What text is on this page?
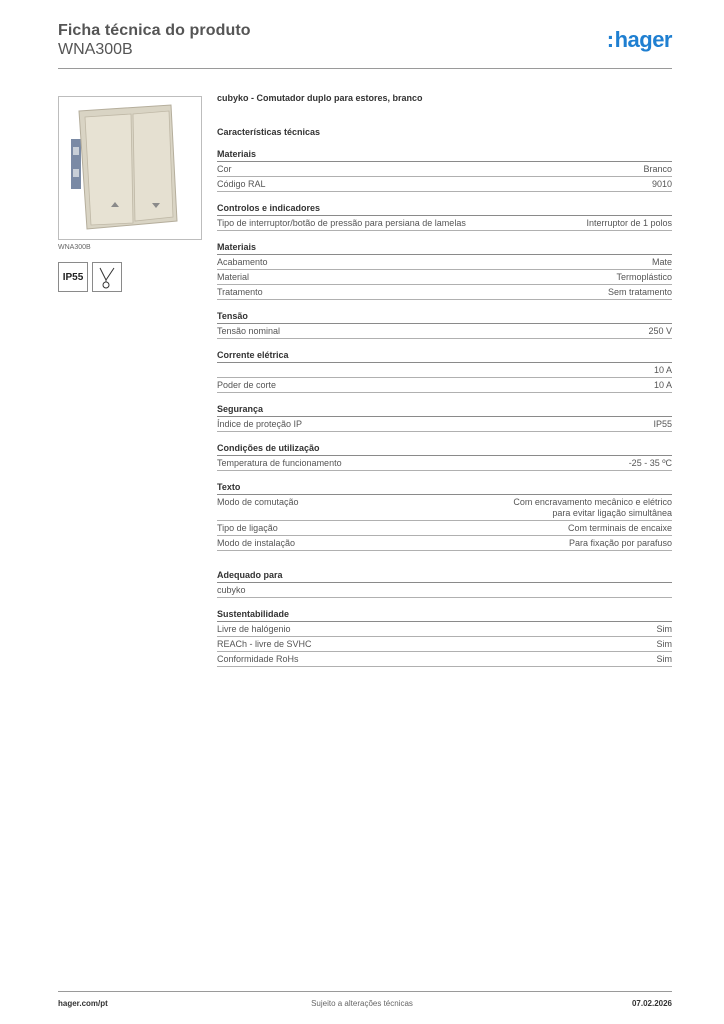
Ficha técnica do produto
WNA300B	:hager
WNA300B
IP55
cubyko - Comutador duplo para estores, branco
Características técnicas
Materiais
Cor	Branco
Código RAL	9010
Controlos e indicadores
Tipo de interruptor/botão de pressão para persiana de lamelas	Interruptor de 1 polos
Materiais
Acabamento	Mate
Material	Termoplástico
Tratamento	Sem tratamento
Tensão
Tensão nominal	250 V
Corrente elétrica
10 A
Poder de corte	10 A
Segurança
Índice de proteção IP	IP55
Condições de utilização
Temperatura de funcionamento	-25 - 35 ºC
Texto
Modo de comutação	Com encravamento mecânico e elétrico
para evitar ligação simultânea
Tipo de ligação	Com terminais de encaixe
Modo de instalação	Para fixação por parafuso
Adequado para
cubyko
Sustentabilidade
Livre de halógenio	Sim
REACh - livre de SVHC	Sim
Conformidade RoHs	Sim
hager.com/pt	Sujeito a alterações técnicas	07.02.2026
